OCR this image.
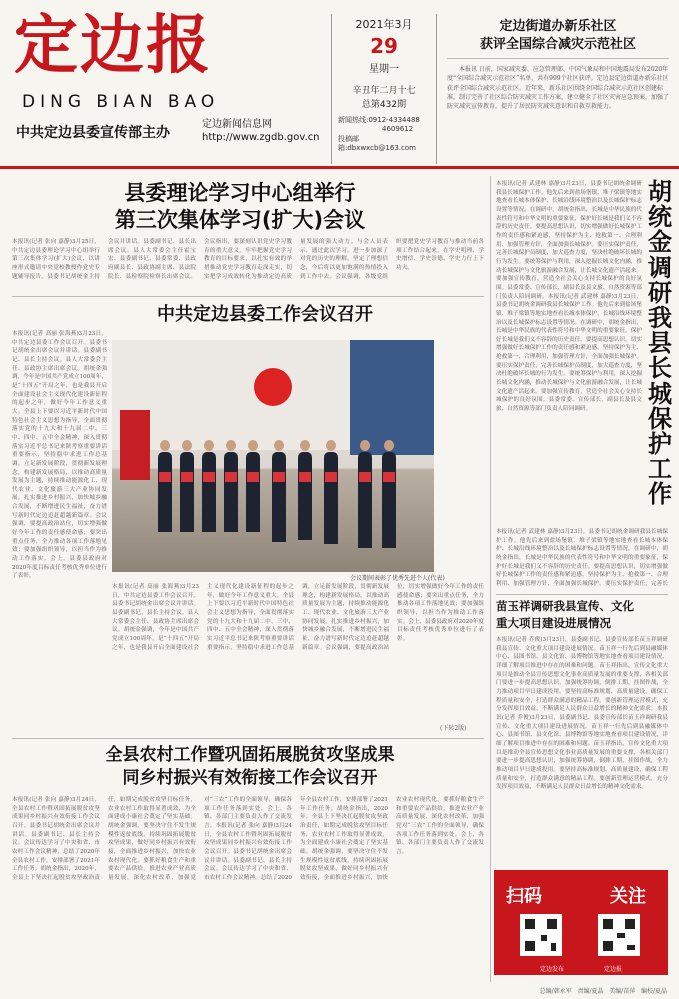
定边报
DING BIAN BAO
中共定边县委宣传部主办
定边新闻信息网
http://www.zgdb.gov.cn
2021年3月
29
星期一
辛丑年二月十七
总第432期
新闻热线:0912-4334488
4609612
投稿邮箱:dbxwxcb@163.com
定边街道办新乐社区
获评全国综合减灾示范社区
本报讯 日前，国家减灾委、应急管理部、中国气象局和中国地震局发布2020年度“全国综合减灾示范社区”名单，共有999个社区获评。定边县定边街道办新乐社区获评全国综合减灾示范社区。近年来，新乐社区围绕全国综合减灾示范社区创建标准，制订完善了社区综合防灾减灾工作方案，建立健全了社区灾害应急预案，加强了防灾减灾宣传教育，提升了居民防灾减灾意识和自救互救能力。
县委理论学习中心组举行
第三次集体学习(扩大)会议
本报讯(记者 张向 嘉静)3月25日，中共定边县委理论学习中心组举行第三次集体学习(扩大)会议，以讲座形式邀请中央党校教授作党史专题辅导报告。县委书记胡统金主持会议并讲话。县委副书记、县长出席会议。县人大常委会主任霍宝宏、县委副书记、县委常委、县政府副县长、县政协副主席、县法院院长、县检察院检察长出席会议。会议指出，要深刻认识党史学习教育的重大意义，牢牢把握党史学习教育的目标要求，以扎实有效的举措推动党史学习教育走深走实，切实把学习成效转化为推动定边高质量发展的强大动力。与会人员表示，通过此次学习，进一步加深了对党的历史的理解，坚定了理想信念，今后将以更加饱满的热情投入到工作中去。会议强调，各级党组织要把党史学习教育与推动当前各项工作结合起来，在学史明理、学史增信、学史崇德、学史力行上下功夫。
中共定边县委工作会议召开
本报讯(记者 高丽 张海燕)3月23日，中共定边县委工作会议召开。县委书记胡统金出席会议并讲话。县委副书记、县长主持会议。县人大常委会主任、县政协主席出席会议。胡统金强调，今年是中国共产党成立100周年，是“十四五”开局之年，也是我县开启全面建设社会主义现代化建设新征程的起步之年，做好今年工作意义重大。全县上下要以习近平新时代中国特色社会主义思想为指导，全面贯彻落实党的十九大和十九届二中、三中、四中、五中全会精神，深入贯彻落实习近平总书记来陕考察重要讲话重要指示，坚持稳中求进工作总基调，立足新发展阶段，贯彻新发展理念，构建新发展格局，以推动高质量发展为主题，持续推动能源化工、现代农业、文化旅游三大产业协同发展，扎实推进乡村振兴，加快城乡融合发展，不断增进民生福祉，奋力谱写新时代定边追赶超越新篇章。会议强调，要提高政治站位，切实增强做好今年工作的责任感使命感；要突出重点任务，全力推动各项工作落地见效；要加强组织领导，以担当作为推动工作落实。会上，县委县政府对2020年度目标责任考核优秀单位进行了表彰。	会议期间表彰了优秀先进个人(代表)
本报讯(记者 高丽 张海燕)3月23日，中共定边县委工作会议召开。县委书记胡统金出席会议并讲话。县委副书记、县长主持会议。县人大常委会主任、县政协主席出席会议。胡统金强调，今年是中国共产党成立100周年，是“十四五”开局之年，也是我县开启全面建设社会主义现代化建设新征程的起步之年，做好今年工作意义重大。全县上下要以习近平新时代中国特色社会主义思想为指导，全面贯彻落实党的十九大和十九届二中、三中、四中、五中全会精神，深入贯彻落实习近平总书记来陕考察重要讲话重要指示，坚持稳中求进工作总基调，立足新发展阶段，贯彻新发展理念，构建新发展格局，以推动高质量发展为主题，持续推动能源化工、现代农业、文化旅游三大产业协同发展，扎实推进乡村振兴，加快城乡融合发展，不断增进民生福祉，奋力谱写新时代定边追赶超越新篇章。会议强调，要提高政治站位，切实增强做好今年工作的责任感使命感；要突出重点任务，全力推动各项工作落地见效；要加强组织领导，以担当作为推动工作落实。会上，县委县政府对2020年度目标责任考核优秀单位进行了表彰。
(下转2版)
全县农村工作暨巩固拓展脱贫攻坚成果
同乡村振兴有效衔接工作会议召开
本报讯(记者 张向 嘉静)3月24日，全县农村工作暨巩固拓展脱贫攻坚成果同乡村振兴有效衔接工作会议召开。县委书记胡统金出席会议并讲话。县委副书记、县长主持会议。会议传达学习了中央和省、市农村工作会议精神，总结了2020年全县农村工作，安排部署了2021年工作任务。胡统金指出，2020年，全县上下坚决扛起脱贫攻坚政治责任，如期完成脱贫攻坚目标任务，农业农村工作取得显著成效，为全面建成小康社会奠定了坚实基础。胡统金强调，要坚决守住不发生规模性返贫底线，持续巩固拓展脱贫攻坚成果，做好同乡村振兴有效衔接，全面推进乡村振兴，加快农业农村现代化。要抓好粮食生产和重要农产品供给，推进农业产业高质量发展，深化农村改革，加强党对“三农”工作的全面领导，确保各项工作任务落到实处。会上，各镇、各部门主要负责人作了交流发言。本报讯(记者 张向 嘉静)3月24日，全县农村工作暨巩固拓展脱贫攻坚成果同乡村振兴有效衔接工作会议召开。县委书记胡统金出席会议并讲话。县委副书记、县长主持会议。会议传达学习了中央和省、市农村工作会议精神，总结了2020年全县农村工作，安排部署了2021年工作任务。胡统金指出，2020年，全县上下坚决扛起脱贫攻坚政治责任，如期完成脱贫攻坚目标任务，农业农村工作取得显著成效，为全面建成小康社会奠定了坚实基础。胡统金强调，要坚决守住不发生规模性返贫底线，持续巩固拓展脱贫攻坚成果，做好同乡村振兴有效衔接，全面推进乡村振兴，加快农业农村现代化。要抓好粮食生产和重要农产品供给，推进农业产业高质量发展，深化农村改革，加强党对“三农”工作的全面领导，确保各项工作任务落到实处。会上，各镇、各部门主要负责人作了交流发言。
胡统金调研我县长城保护工作
本报讯(记者 武建林 嘉静)3月23日，县委书记胡统金调研我县长城保护工作。他先后来到盐场堡镇、堆子梁镇等地实地查看长城本体保护、长城沿线环境整治以及长城保护标志设置等情况。在调研中，胡统金指出，长城是中华民族的代表性符号和中华文明的重要象征，保护好长城是我们义不容辞的历史责任。要提高思想认识，切实增强做好长城保护工作的责任感和紧迫感，坚持保护为主、抢救第一、合理利用、加强管理方针，全面加强长城保护。要压实保护责任，完善长城保护员制度，加大巡查力度，坚决杜绝破坏长城的行为发生。要统筹保护与利用，深入挖掘长城文化内涵，推动长城保护与文化旅游融合发展，让长城文化遗产活起来。要加强宣传教育，营造全社会关心支持长城保护的良好氛围。县委常委、宣传部长，副县长及县文旅、自然资源等部门负责人陪同调研。本报讯(记者 武建林 嘉静)3月23日，县委书记胡统金调研我县长城保护工作。他先后来到盐场堡镇、堆子梁镇等地实地查看长城本体保护、长城沿线环境整治以及长城保护标志设置等情况。在调研中，胡统金指出，长城是中华民族的代表性符号和中华文明的重要象征，保护好长城是我们义不容辞的历史责任。要提高思想认识，切实增强做好长城保护工作的责任感和紧迫感，坚持保护为主、抢救第一、合理利用、加强管理方针，全面加强长城保护。要压实保护责任，完善长城保护员制度，加大巡查力度，坚决杜绝破坏长城的行为发生。要统筹保护与利用，深入挖掘长城文化内涵，推动长城保护与文化旅游融合发展，让长城文化遗产活起来。要加强宣传教育，营造全社会关心支持长城保护的良好氛围。县委常委、宣传部长，副县长及县文旅、自然资源等部门负责人陪同调研。
本报讯(记者 武建林 嘉静)3月23日，县委书记胡统金调研我县长城保护工作。他先后来到盐场堡镇、堆子梁镇等地实地查看长城本体保护、长城沿线环境整治以及长城保护标志设置等情况。在调研中，胡统金指出，长城是中华民族的代表性符号和中华文明的重要象征，保护好长城是我们义不容辞的历史责任。要提高思想认识，切实增强做好长城保护工作的责任感和紧迫感，坚持保护为主、抢救第一、合理利用、加强管理方针，全面加强长城保护。要压实保护责任，完善长
苗玉祥调研我县宣传、文化
重大项目建设进展情况
本报讯(记者 乔俊)3月23日，县委副书记、县委宣传部长苗玉祥调研我县宣传、文化重大项目建设进展情况。苗玉祥一行先后到县融媒体中心、县图书馆、县文化馆、县博物馆等地实地查看项目建设情况，详细了解项目推进中存在的困难和问题。苗玉祥指出，宣传文化重大项目是推动全县宣传思想文化事业高质量发展的重要支撑，各相关部门要进一步提高思想认识，加强统筹协调，倒排工期，挂图作战，全力推动项目早日建成投用。要坚持高标准规划、高质量建设，确保工程质量和安全，打造群众满意的精品工程。要创新管理运营模式，充分发挥项目效益，不断满足人民群众日益增长的精神文化需求。本报讯(记者 乔俊)3月23日，县委副书记、县委宣传部长苗玉祥调研我县宣传、文化重大项目建设进展情况。苗玉祥一行先后到县融媒体中心、县图书馆、县文化馆、县博物馆等地实地查看项目建设情况，详细了解项目推进中存在的困难和问题。苗玉祥指出，宣传文化重大项目是推动全县宣传思想文化事业高质量发展的重要支撑，各相关部门要进一步提高思想认识，加强统筹协调，倒排工期，挂图作战，全力推动项目早日建成投用。要坚持高标准规划、高质量建设，确保工程质量和安全，打造群众满意的精品工程。要创新管理运营模式，充分发挥项目效益，不断满足人民群众日益增长的精神文化需求。
扫码	关注
定边发布	定边报
总编/韩永军 责编/夏晶 美编/苗萍 编校/夏晶
